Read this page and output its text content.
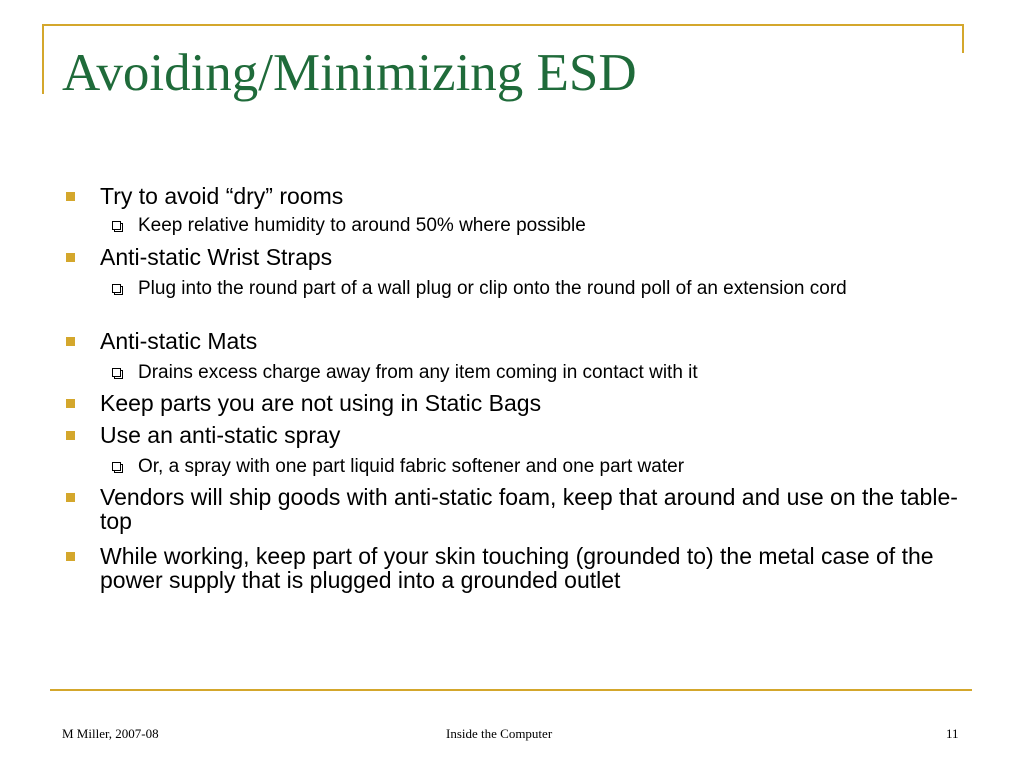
Avoiding/Minimizing ESD
Try to avoid “dry” rooms
Keep relative humidity to around 50% where possible
Anti-static Wrist Straps
Plug into the round part of a wall plug or clip onto the round poll of an extension cord
Anti-static Mats
Drains excess charge away from any item coming in contact with it
Keep parts you are not using in Static Bags
Use an anti-static spray
Or, a spray with one part liquid fabric softener and one part water
Vendors will ship goods with anti-static foam, keep that around and use on the table-top
While working, keep part of your skin touching (grounded to) the metal case of the power supply that is plugged into a grounded outlet
M Miller, 2007-08	Inside the Computer	11
